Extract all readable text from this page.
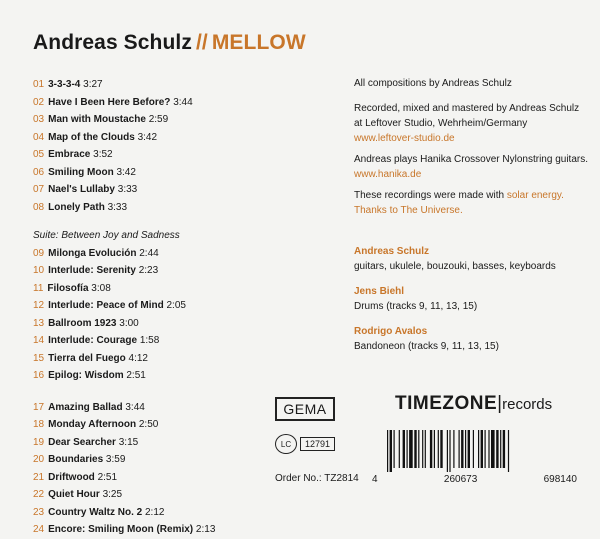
Andreas Schulz // MELLOW
01 3-3-3-4 3:27
02 Have I Been Here Before? 3:44
03 Man with Moustache 2:59
04 Map of the Clouds 3:42
05 Embrace 3:52
06 Smiling Moon 3:42
07 Nael's Lullaby 3:33
08 Lonely Path 3:33
Suite: Between Joy and Sadness
09 Milonga Evolución 2:44
10 Interlude: Serenity 2:23
11 Filosofía 3:08
12 Interlude: Peace of Mind 2:05
13 Ballroom 1923 3:00
14 Interlude: Courage 1:58
15 Tierra del Fuego 4:12
16 Epilog: Wisdom 2:51
17 Amazing Ballad 3:44
18 Monday Afternoon 2:50
19 Dear Searcher 3:15
20 Boundaries 3:59
21 Driftwood 2:51
22 Quiet Hour 3:25
23 Country Waltz No. 2 2:12
24 Encore: Smiling Moon (Remix) 2:13

All compositions by Andreas Schulz

Recorded, mixed and mastered by Andreas Schulz

at Leftover Studio, Wehrheim/Germany

www.leftover-studio.de

Andreas plays Hanika Crossover Nylonstring guitars.

www.hanika.de

These recordings were made with solar energy.

Thanks to The Universe.

Andreas Schulz

guitars, ukulele, bouzouki, basses, keyboards

Jens Biehl

Drums (tracks 9, 11, 13, 15)

Rodrigo Avalos

Bandoneon (tracks 9, 11, 13, 15)

GEMA
LC	12791
Order No.: TZ2814
TIMEZONE|records
4	260673	698140
